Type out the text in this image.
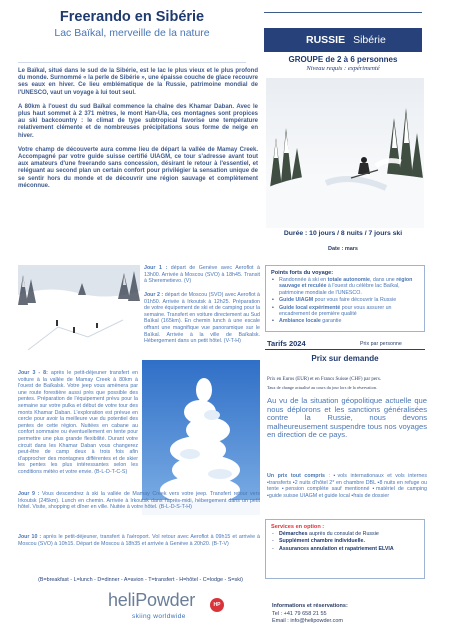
Freerando en Sibérie
Lac Baïkal, merveille de la nature
RUSSIE Sibérie
GROUPE de 2 à 6 personnes
Niveau requis : expérimenté

Le Baïkal, situé dans le sud de la Sibérie, est le lac le plus vieux et le plus profond du monde. Surnommé « la perle de Sibérie », une épaisse couche de glace recouvre ses eaux en hiver. Ce lieu emblématique de la Russie, patrimoine mondial de l'UNESCO, vaut un voyage à lui tout seul.

A 80km à l'ouest du sud Baïkal commence la chaîne des Khamar Daban. Avec le plus haut sommet à 2 371 mètres, le mont Han-Ula, ces montagnes sont propices au ski backcountry : le climat de type subtropical favorise une température relativement clémente et de nombreuses précipitations sous forme de neige en hiver.

Votre champ de découverte aura comme lieu de départ la vallée de Mamay Creek. Accompagné par votre guide suisse certifié UIAGM, ce tour s'adresse avant tout aux amateurs d'une freerando sans concession, désirant le retour à l'essentiel, et reléguant au second plan un certain confort pour privilégier la sensation unique de se sentir hors du monde et de découvrir une région sauvage et complètement méconnue.

Durée : 10 jours / 8 nuits / 7 jours ski
Date : mars
Jour 1 : départ de Genève avec Aeroflot à 13h00. Arrivée à Moscou (SVO) à 18h45. Transit à Sheremetievo. (V)
Jour 2 : départ de Moscou (SVO) avec Aeroflot à 01h50. Arrivée à Irkoutsk à 12h25. Préparation de votre équipement de ski et de camping pour la semaine. Transfert en voiture directement au Sud Baïkal (165km). En chemin lunch à une escale offrant une magnifique vue panoramique sur le Baïkal. Arrivée à la ville de Baïkalsk. Hébergement dans un petit hôtel. (V-T-H)
Jour 3 - 8: après le petit-déjeuner transfert en voiture à la vallée de Mamay Creek à 80km à l'ouest de Baïkalsk. Votre jeep vous amènera par une route forestière aussi près que possible des pentes. Préparation de l'équipement prévu pour la semaine sur votre pulka et début de votre tour des monts Khamar Daban. L'exploration est prévue en cercle pour avoir la meilleure vue du potentiel des pentes de cette région. Nuitées en cabane au confort sommaire ou éventuellement en tente pour permettre une plus grande flexibilité. Durant votre circuit dans les Khamar Daban vous changerez peut-être de camp deux à trois fois afin d'approcher des montagnes différentes et de skier les pentes les plus intéressantes selon les conditions météo et votre envie. (B-L-D-T-C-S)
Jour 9 : Vous descendrez à ski la vallée de Mamay Creek vers votre jeep. Transfert retour vers Irkoutsk (245km). Lunch en chemin. Arrivée à Irkoutsk dans l'après-midi, hébergement dans un petit hôtel. Visite, shopping et dîner en ville. Nuitée à votre hôtel. (B-L-D-S-T-H)
Jour 10 : après le petit-déjeuner, transfert à l'aéroport. Vol retour avec Aeroflot à 09h15 et arrivée à Moscou (SVO) à 10h15. Départ de Moscou à 18h35 et arrivée à Genève à 20h20. (B-T-V)
(B=breakfast - L=lunch - D=dinner - A=avion - T=transfert - H=hôtel - C=lodge - S=ski)
Points forts du voyage:
• Randonnée à ski en totale autonomie, dans une région sauvage et reculée à l'ouest du célèbre lac Baïkal, patrimoine mondiale de l'UNESCO.
• Guide UIAGM pour vous faire découvrir la Russie
• Guide local expérimenté pour vous assurer un encadrement de première qualité
• Ambiance locale garantie
Tarifs 2024	Prix par personne
Prix sur demande
Prix en Euros (EUR) et en Francs Suisse (CHF) par pers.
Taux de change actualisé au cours du jour lors de la réservation.
Au vu de la situation géopolitique actuelle que nous déplorons et les sanctions généralisées contre la Russie, nous devons malheureusement suspendre tous nos voyages en direction de ce pays.
Un prix tout compris : ▪vols internationaux et vols internes ▪transferts ▪2 nuits d'hôtel 2* en chambre DBL ▪8 nuits en refuge ou tente ▪pension complète sauf mentionné ▪matériel de camping ▪guide suisse UIAGM et guide local ▪frais de dossier
Services en option :
- Démarches auprès du consulat de Russie
- Supplément chambre individuelle.
- Assurances annulation et rapatriement ELVIA
heliPowder	HP
skiing worldwide
Informations et réservations:
Tel : +41 79 658 21 55
Email : info@helipowder.com
